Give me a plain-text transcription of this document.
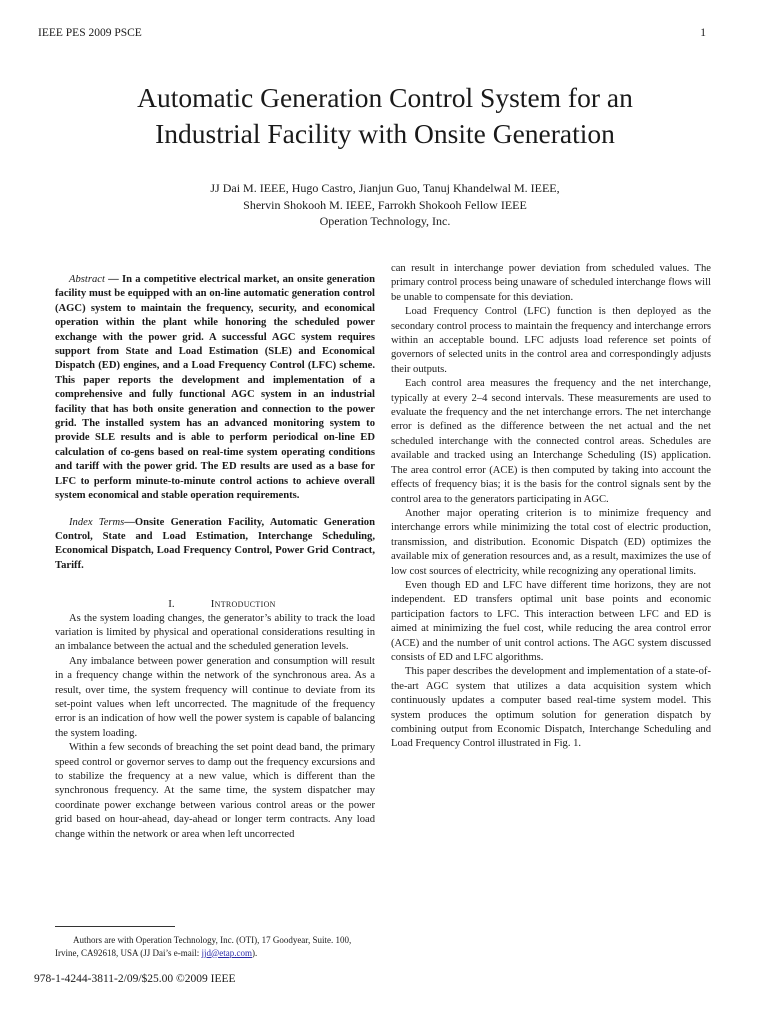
IEEE PES 2009 PSCE	1
Automatic Generation Control System for an
Industrial Facility with Onsite Generation
JJ Dai M. IEEE, Hugo Castro, Jianjun Guo, Tanuj Khandelwal M. IEEE,
Shervin Shokooh M. IEEE, Farrokh Shokooh Fellow IEEE
Operation Technology, Inc.

Abstract — In a competitive electrical market, an onsite generation facility must be equipped with an on-line automatic generation control (AGC) system to maintain the frequency, security, and economical operation within the plant while honoring the scheduled power exchange with the power grid. A successful AGC system requires support from State and Load Estimation (SLE) and Economical Dispatch (ED) engines, and a Load Frequency Control (LFC) scheme. This paper reports the development and implementation of a comprehensive and fully functional AGC system in an industrial facility that has both onsite generation and connection to the power grid. The installed system has an advanced monitoring system to provide SLE results and is able to perform periodical on-line ED calculation of co-gens based on real-time system operating conditions and tariff with the power grid. The ED results are used as a base for LFC to perform minute-to-minute control actions to achieve overall system economical and stable operation requirements.

Index Terms—Onsite Generation Facility, Automatic Generation Control, State and Load Estimation, Interchange Scheduling, Economical Dispatch, Load Frequency Control, Power Grid Contract, Tariff.

I.	Introduction

As the system loading changes, the generator’s ability to track the load variation is limited by physical and operational considerations resulting in an imbalance between the actual and the scheduled generation levels.

Any imbalance between power generation and consumption will result in a frequency change within the network of the synchronous area. As a result, over time, the system frequency will continue to deviate from its set-point values when left uncorrected. The magnitude of the frequency error is an indication of how well the power system is capable of balancing the system loading.

Within a few seconds of breaching the set point dead band, the primary speed control or governor serves to damp out the frequency excursions and to stabilize the frequency at a new value, which is different than the synchronous frequency. At the same time, the system dispatcher may coordinate power exchange between various control areas or the power grid based on hour-ahead, day-ahead or longer term contracts. Any load change within the network or area when left uncorrected

can result in interchange power deviation from scheduled values. The primary control process being unaware of scheduled interchange flows will be unable to compensate for this deviation.

Load Frequency Control (LFC) function is then deployed as the secondary control process to maintain the frequency and interchange errors within an acceptable bound. LFC adjusts load reference set points of governors of selected units in the control area and correspondingly adjusts their outputs.

Each control area measures the frequency and the net interchange, typically at every 2–4 second intervals. These measurements are used to evaluate the frequency and the net interchange errors. The net interchange error is defined as the difference between the net actual and the net scheduled interchange with the connected control areas. Schedules are available and tracked using an Interchange Scheduling (IS) application. The area control error (ACE) is then computed by taking into account the effects of frequency bias; it is the basis for the control signals sent by the control area to the generators participating in AGC.

Another major operating criterion is to minimize frequency and interchange errors while minimizing the total cost of electric production, transmission, and distribution. Economic Dispatch (ED) optimizes the available mix of generation resources and, as a result, maximizes the use of low cost sources of electricity, while recognizing any operational limits.

Even though ED and LFC have different time horizons, they are not independent. ED transfers optimal unit base points and economic participation factors to LFC. This interaction between LFC and ED is aimed at minimizing the fuel cost, while reducing the area control error (ACE) and the number of unit control actions. The AGC system discussed consists of ED and LFC algorithms.

This paper describes the development and implementation of a state-of-the-art AGC system that utilizes a data acquisition system which continuously updates a computer based real-time system model. This system produces the optimum solution for generation dispatch by combining output from Economic Dispatch, Interchange Scheduling and Load Frequency Control illustrated in Fig. 1.

Authors are with Operation Technology, Inc. (OTI), 17 Goodyear, Suite. 100, Irvine, CA92618, USA (JJ Dai’s e-mail: jjd@etap.com).
978-1-4244-3811-2/09/$25.00 ©2009 IEEE
